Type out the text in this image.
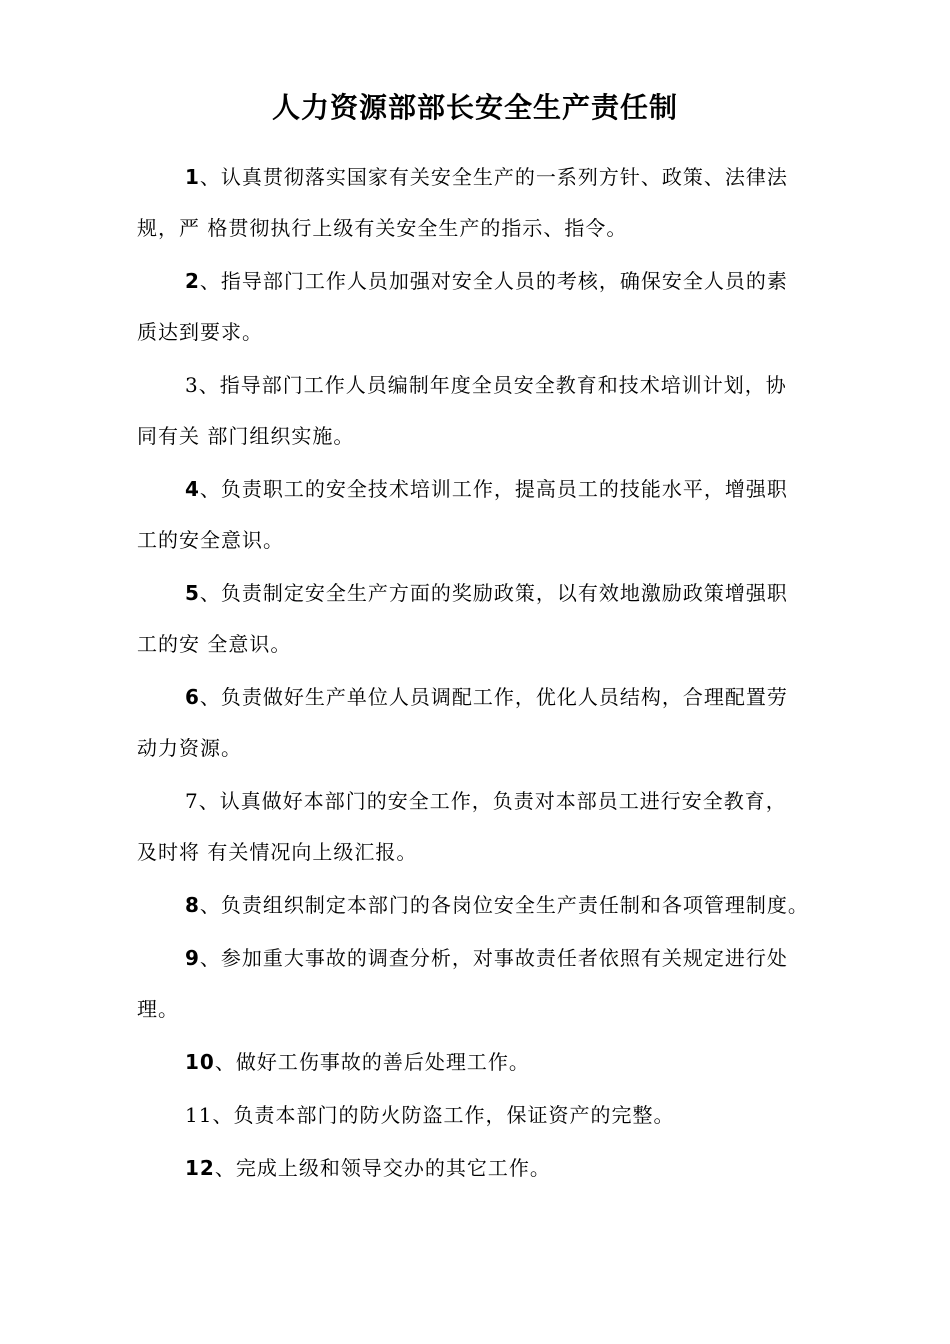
人力资源部部长安全生产责任制

1、认真贯彻落实国家有关安全生产的一系列方针、政策、法律法
规，严 格贯彻执行上级有关安全生产的指示、指令。

2、指导部门工作人员加强对安全人员的考核，确保安全人员的素
质达到要求。

3、指导部门工作人员编制年度全员安全教育和技术培训计划，协
同有关 部门组织实施。

4、负责职工的安全技术培训工作，提高员工的技能水平，增强职
工的安全意识。

5、负责制定安全生产方面的奖励政策，以有效地激励政策增强职
工的安 全意识。

6、负责做好生产单位人员调配工作，优化人员结构，合理配置劳
动力资源。

7、认真做好本部门的安全工作，负责对本部员工进行安全教育，
及时将 有关情况向上级汇报。

8、负责组织制定本部门的各岗位安全生产责任制和各项管理制度。

9、参加重大事故的调查分析，对事故责任者依照有关规定进行处
理。

10、做好工伤事故的善后处理工作。

11、负责本部门的防火防盗工作，保证资产的完整。

12、完成上级和领导交办的其它工作。
